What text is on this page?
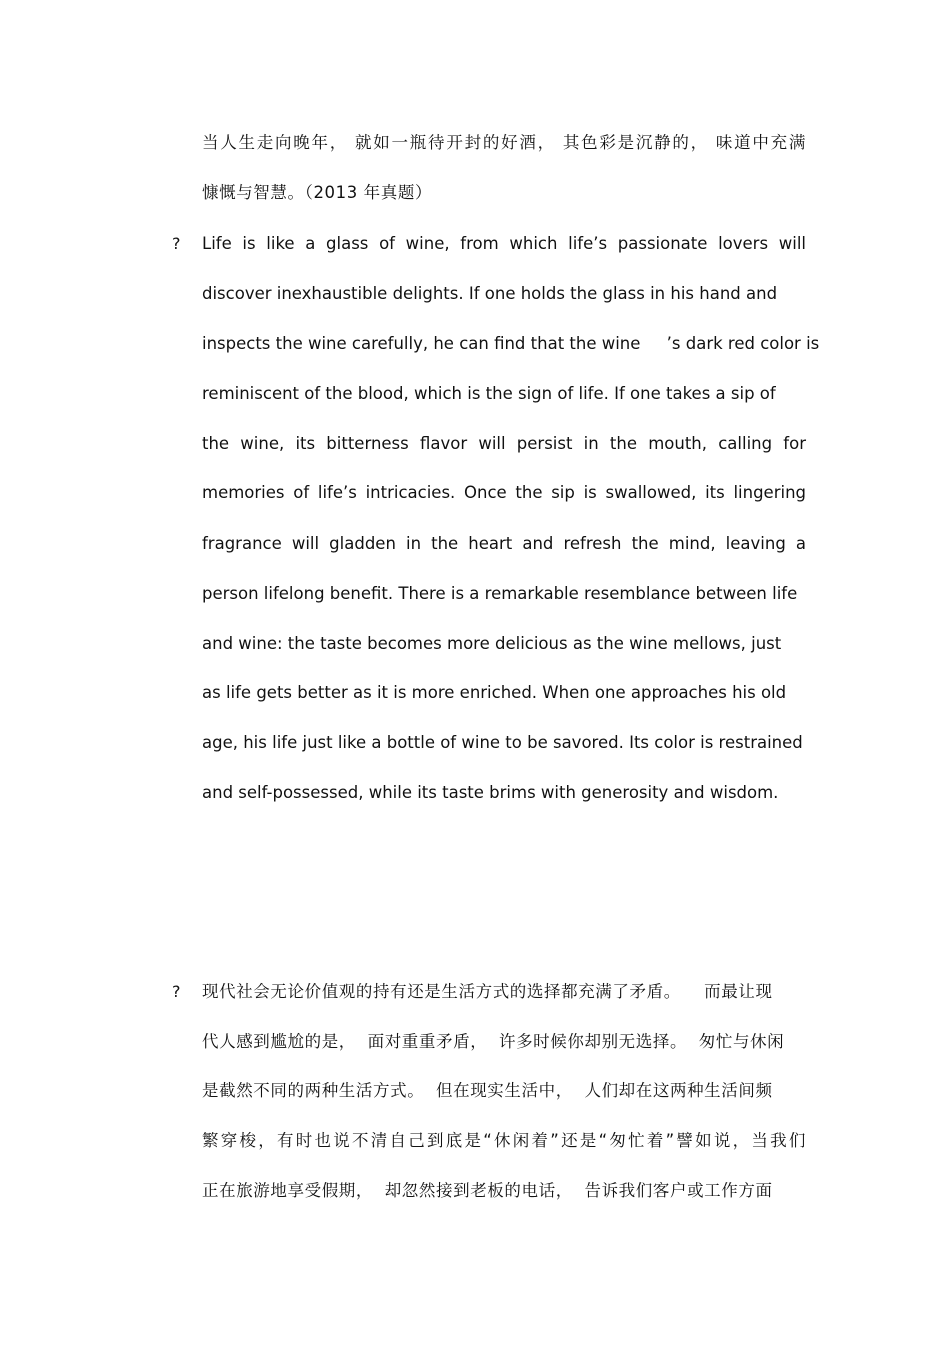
当人生走向晚年， 就如一瓶待开封的好酒， 其色彩是沉静的， 味道中充满
慷慨与智慧。（2013 年真题）
? Life is like a glass of wine, from which life’s passionate lovers will
discover inexhaustible delights. If one holds the glass in his hand and
inspects the wine carefully, he can find that the wine     ’s dark red color is
reminiscent of the blood, which is the sign of life. If one takes a sip of
the wine, its bitterness flavor will persist in the mouth, calling for
memories of life’s intricacies. Once the sip is swallowed, its lingering
fragrance will gladden in the heart and refresh the mind, leaving a
person lifelong benefit. There is a remarkable resemblance between life
and wine: the taste becomes more delicious as the wine mellows, just
as life gets better as it is more enriched. When one approaches his old
age, his life just like a bottle of wine to be savored. Its color is restrained
and self-possessed, while its taste brims with generosity and wisdom.
? 现代社会无论价值观的持有还是生活方式的选择都充满了矛盾。    而最让现
代人感到尴尬的是，  面对重重矛盾，  许多时候你却别无选择。  匆忙与休闲
是截然不同的两种生活方式。  但在现实生活中，  人们却在这两种生活间频
繁穿梭，有时也说不清自己到底是“休闲着”还是“匆忙着”譬如说，当我们
正在旅游地享受假期，  却忽然接到老板的电话，  告诉我们客户或工作方面
